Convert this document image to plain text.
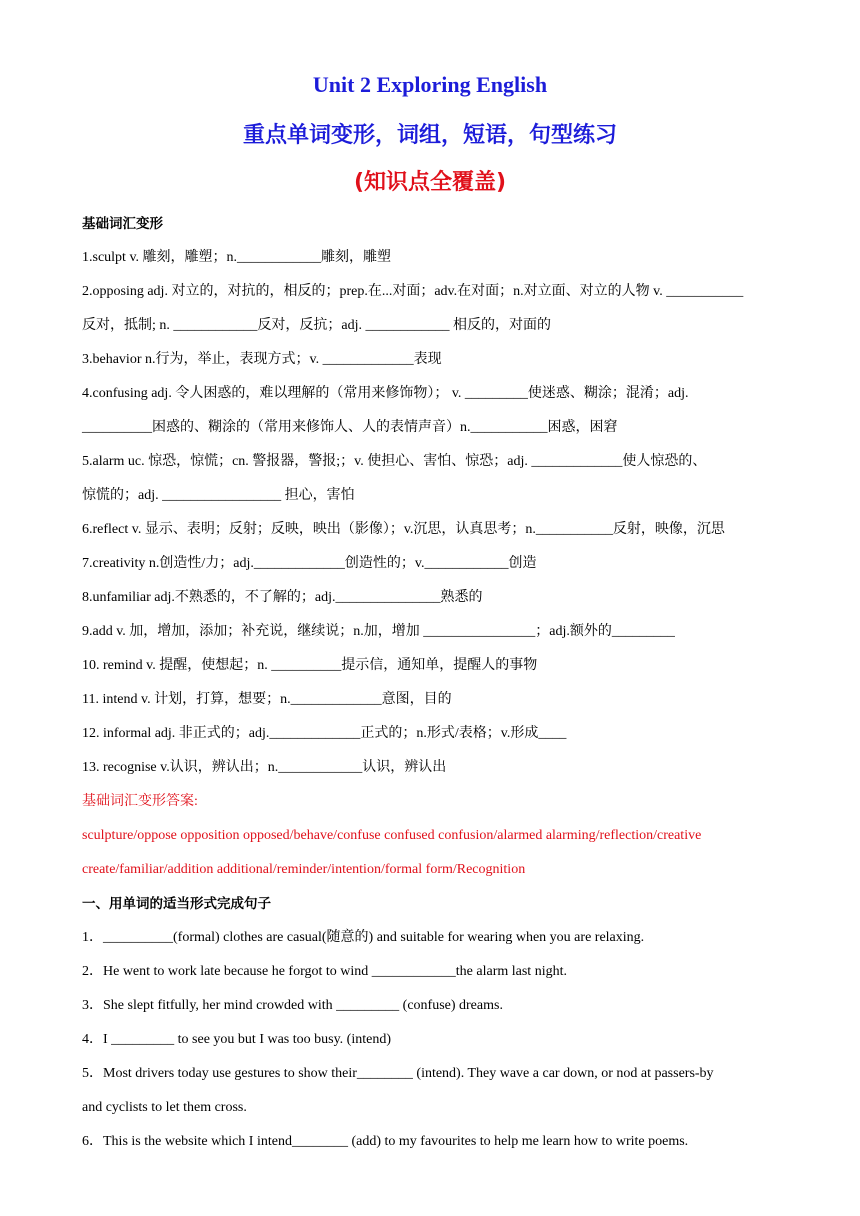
Unit 2 Exploring English
重点单词变形，词组，短语，句型练习
(知识点全覆盖)
基础词汇变形
1.sculpt v. 雕刻，雕塑；n.____________雕刻，雕塑
2.opposing adj. 对立的，对抗的，相反的；prep.在...对面；adv.在对面；n.对立面、对立的人物 v. ___________
反对，抵制; n. ____________反对，反抗；adj. ____________ 相反的，对面的
3.behavior n.行为，举止，表现方式；v. _____________表现
4.confusing adj. 令人困惑的，难以理解的（常用来修饰物）； v. _________使迷惑、糊涂；混淆；adj.
__________困惑的、糊涂的（常用来修饰人、人的表情声音）n.___________困惑，困窘
5.alarm uc. 惊恐，惊慌；cn. 警报器，警报;；v. 使担心、害怕、惊恐；adj. _____________使人惊恐的、
惊慌的；adj. _________________ 担心，害怕
6.reflect v. 显示、表明；反射；反映，映出（影像）；v.沉思，认真思考；n.___________反射，映像，沉思
7.creativity n.创造性/力；adj._____________创造性的；v.____________创造
8.unfamiliar adj.不熟悉的，不了解的；adj._______________熟悉的
9.add v. 加，增加，添加；补充说，继续说；n.加，增加 ________________；adj.额外的_________
10. remind v. 提醒，使想起；n. __________提示信，通知单，提醒人的事物
11. intend v. 计划，打算，想要；n._____________意图，目的
12. informal adj. 非正式的；adj._____________正式的；n.形式/表格；v.形成____
13. recognise v.认识，辨认出；n.____________认识，辨认出
基础词汇变形答案:
sculpture/oppose opposition opposed/behave/confuse confused confusion/alarmed alarming/reflection/creative
create/familiar/addition additional/reminder/intention/formal form/Recognition
一、用单词的适当形式完成句子
1．__________(formal) clothes are casual(随意的) and suitable for wearing when you are relaxing.
2．He went to work late because he forgot to wind ____________the alarm last night.
3．She slept fitfully, her mind crowded with _________ (confuse) dreams.
4．I _________ to see you but I was too busy. (intend)
5．Most drivers today use gestures to show their________ (intend). They wave a car down, or nod at passers-by
and cyclists to let them cross.
6．This is the website which I intend________ (add) to my favourites to help me learn how to write poems.
